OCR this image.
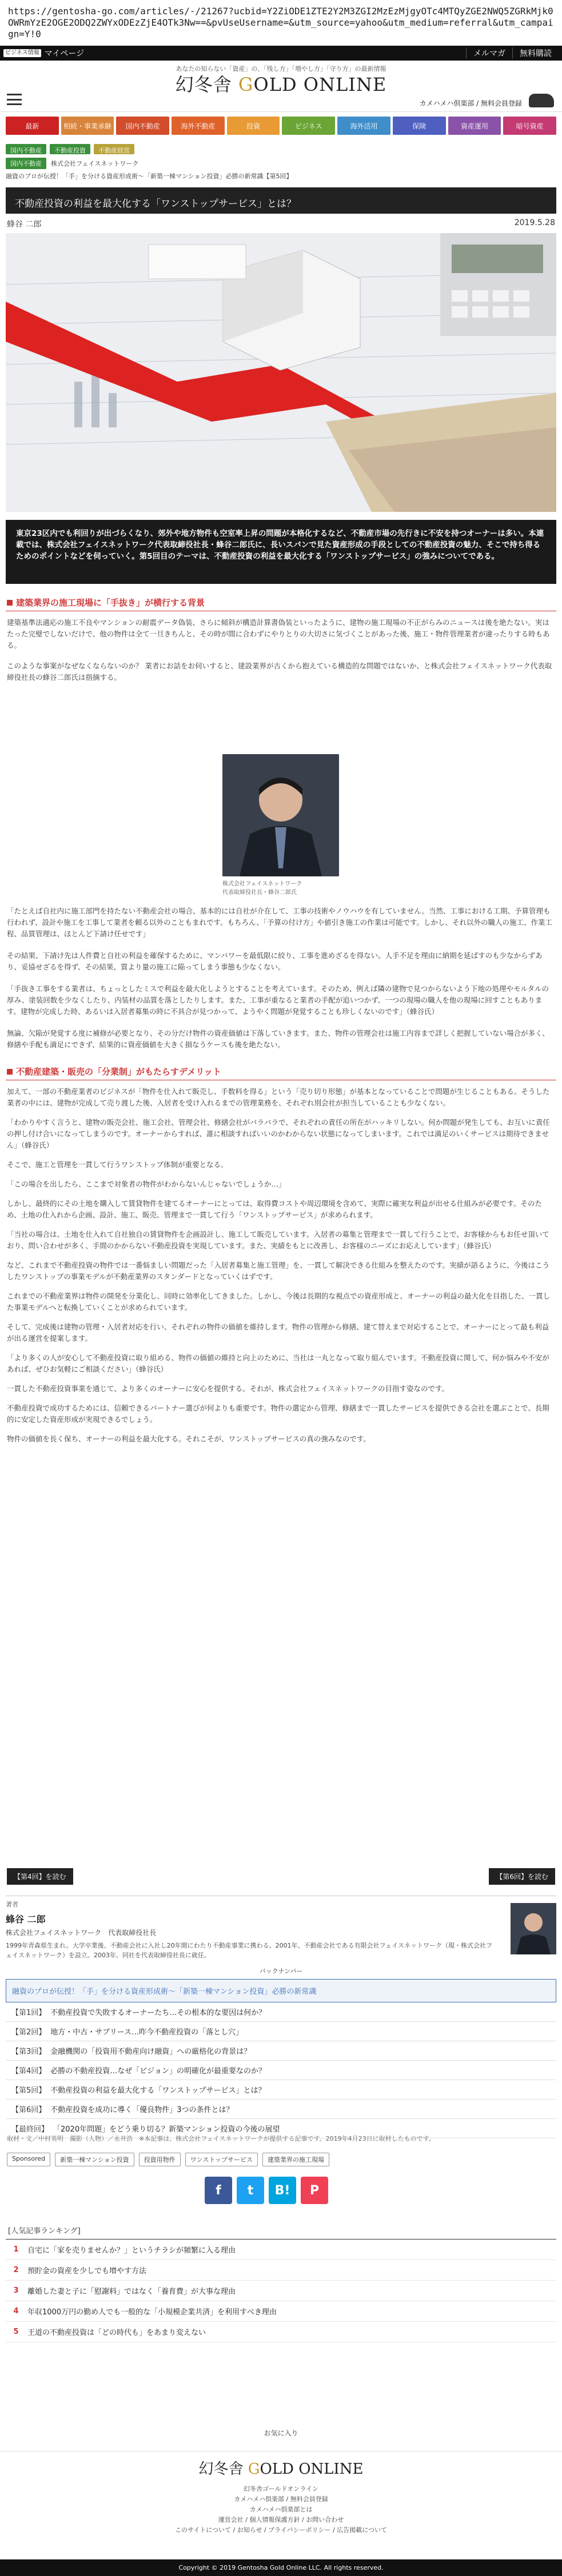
https://gentosha-go.com/articles/-/21267?ucbid=Y2ZiODE1ZTE2Y2M3ZGI2MzEzMjgyOTc4MTQyZGE2NWQ5ZGRkMjk0OWRmYzE2OGE2ODQ2ZWYxODEzZjE4OTk3Nw==&pvUseUsername=&utm_source=yahoo&utm_medium=referral&utm_campaign=Y!0
ビジネス情報 マイページ	メルマガ	無料購読
あなたの知らない「資産」の、「残し方」「増やし方」「守り方」の最新情報
幻冬舎 GOLD ONLINE
カメハメハ倶楽部 / 無料会員登録
最新	相続・事業承継	国内不動産	海外不動産	投資	ビジネス	海外活用	保険	資産運用	暗号資産
国内不動産	不動産投資	不動産経営
国内不動産	株式会社フェイスネットワーク
融資のプロが伝授！「手」を分ける資産形成術〜「新築一棟マンション投資」必勝の新常識【第5回】
不動産投資の利益を最大化する「ワンストップサービス」とは？
蜂谷 二郎	2019.5.28
東京23区内でも利回りが出づらくなり、郊外や地方物件も空室率上昇の問題が本格化するなど、不動産市場の先行きに不安を持つオーナーは多い。本連載では、株式会社フェイスネットワーク代表取締役社長・蜂谷二郎氏に、長いスパンで見た資産形成の手段としての不動産投資の魅力、そこで持ち得るためのポイントなどを伺っていく。第5回目のテーマは、不動産投資の利益を最大化する「ワンストップサービス」の強みについてである。
建築業界の施工現場に「手抜き」が横行する背景
建築基準法適応の施工不良やマンションの耐震データ偽装、さらに傾斜が構造計算書偽装といったように、建物の施工現場の不正がらみのニュースは後を絶たない。実はたった完璧でしないだけで、他の物件は全て一旦きちんと、その時が間に合わずにやりとりの大切さに気づくことがあった後、施工・物件管理業者が違ったりする時もある。
このような事案がなぜなくならないのか？ 業者にお話をお伺いすると、建設業界が古くから抱えている構造的な問題ではないか、と株式会社フェイスネットワーク代表取締役社長の蜂谷二郎氏は指摘する。
株式会社フェイスネットワーク
代表取締役社長・蜂谷二郎氏
「たとえば自社内に施工部門を持たない不動産会社の場合、基本的には自社が介在して、工事の技術やノウハウを有していません。当然、工事における工期、予算管理も行われず、設計や施工を工事して業者を頼る以外のこともまれです。もちろん、「予算の付け方」や値引き施工の作業は可能です。しかし、それ以外の職人の施工、作業工程、品質管理は、ほとんど下請け任せです」
その結果、下請け先は人件費と自社の利益を確保するために、マンパワーを最低限に絞り、工事を進めざるを得ない。人手不足を理由に納期を延ばすのも少なからずあり、妥協せざるを得ず、その結果、質より量の施工に陥ってしまう事態も少なくない。
「手抜き工事をする業者は、ちょっとしたミスで利益を最大化しようとすることを考えています。そのため、例えば隣の建物で見つからないよう下地の処理やモルタルの厚み、塗装回数を少なくしたり、内装材の品質を落としたりします。また、工事が重なると業者の手配が追いつかず、一つの現場の職人を他の現場に回すこともあります。建物が完成した時、あるいは入居者募集の時に不具合が見つかって、ようやく問題が発覚することも珍しくないのです」（蜂谷氏）
無論、欠陥が発覚する度に補修が必要となり、その分だけ物件の資産価値は下落していきます。また、物件の管理会社は施工内容まで詳しく把握していない場合が多く、修繕や手配も満足にできず、結果的に資産価値を大きく損なうケースも後を絶たない。
不動産建築・販売の「分業制」がもたらすデメリット
加えて、一部の不動産業者のビジネスが「物件を仕入れて販売し、手数料を得る」という「売り切り形態」が基本となっていることで問題が生じることもある。そうした業者の中には、建物が完成して売り渡した後、入居者を受け入れるまでの管理業務を、それぞれ別会社が担当していることも少なくない。
「わかりやすく言うと、建物の販売会社、施工会社、管理会社、修繕会社がバラバラで、それぞれの責任の所在がハッキリしない。何か問題が発生しても、お互いに責任の押し付け合いになってしまうのです。オーナーからすれば、誰に相談すればいいのかわからない状態になってしまいます。これでは満足のいくサービスは期待できません」（蜂谷氏）
そこで、施工と管理を一貫して行うワンストップ体制が重要となる。
「この場合を出したら、ここまで対象者の物件がわからないんじゃないでしょうか…」
しかし、最終的にその土地を購入して賃貸物件を建てるオーナーにとっては、取得費コストや周辺環境を含めて、実際に確実な利益が出せる仕組みが必要です。そのため、土地の仕入れから企画、設計、施工、販売、管理まで一貫して行う「ワンストップサービス」が求められます。
「当社の場合は、土地を仕入れて自社独自の賃貸物件を企画設計し、施工して販売しています。入居者の募集と管理まで一貫して行うことで、お客様からもお任せ頂いており、問い合わせが多く、手間のかからない不動産投資を実現しています。また、実績をもとに改善し、お客様のニーズにお応えしています」（蜂谷氏）
など、これまで不動産投資の物件では一番悩ましい問題だった「入居者募集と施工管理」を、一貫して解決できる仕組みを整えたのです。実績が語るように、今後はこうしたワンストップの事業モデルが不動産業界のスタンダードとなっていくはずです。
これまでの不動産業界は物件の開発を分業化し、同時に効率化してきました。しかし、今後は長期的な視点での資産形成と、オーナーの利益の最大化を目指した、一貫した事業モデルへと転換していくことが求められています。
そして、完成後は建物の管理・入居者対応を行い、それぞれの物件の価値を維持します。物件の管理から修繕、建て替えまで対応することで、オーナーにとって最も利益が出る運営を提案します。
「より多くの人が安心して不動産投資に取り組める、物件の価値の維持と向上のために、当社は一丸となって取り組んでいます。不動産投資に関して、何か悩みや不安があれば、ぜひお気軽にご相談ください」（蜂谷氏）
一貫した不動産投資事業を通じて、より多くのオーナーに安心を提供する。それが、株式会社フェイスネットワークの目指す姿なのです。
不動産投資で成功するためには、信頼できるパートナー選びが何よりも重要です。物件の選定から管理、修繕まで一貫したサービスを提供できる会社を選ぶことで、長期的に安定した資産形成が実現できるでしょう。
物件の価値を長く保ち、オーナーの利益を最大化する。それこそが、ワンストップサービスの真の強みなのです。
【第4回】を読む	【第6回】を読む
著者
蜂谷 二郎
株式会社フェイスネットワーク　代表取締役社長
1999年青森県生まれ。大学卒業後、不動産会社に入社し20年間にわたり不動産事業に携わる。2001年、不動産会社である有限会社フェイスネットワーク（現・株式会社フェイスネットワーク）を設立。2003年、同社を代表取締役社長に就任。
バックナンバー
融資のプロが伝授！「手」を分ける資産形成術〜「新築一棟マンション投資」必勝の新常識
【第1回】 不動産投資で失敗するオーナーたち…その根本的な要因は何か？
【第2回】 地方・中古・サブリース…昨今不動産投資の「落とし穴」
【第3回】 金融機関の「投資用不動産向け融資」への厳格化の背景は？
【第4回】 必勝の不動産投資…なぜ「ビジョン」の明確化が最重要なのか？
【第5回】 不動産投資の利益を最大化する「ワンストップサービス」とは？
【第6回】 不動産投資を成功に導く「優良物件」3つの条件とは？
【最終回】 「2020年問題」をどう乗り切る？新築マンション投資の今後の展望
取材・文／中村英明　撮影（人物）／永井浩　※本記事は、株式会社フェイスネットワークが提供する記事です。2019年4月23日に取材したものです。
Sponsored	新築一棟マンション投資	投資用物件	ワンストップサービス	建築業界の施工現場
f	t	B!	P
[人気記事ランキング]
1 自宅に「家を売りませんか？」というチラシが頻繁に入る理由
2 預貯金の資産を少しでも増やす方法
3 離婚した妻と子に「慰謝料」ではなく「養育費」が大事な理由
4 年収1000万円の勤め人でも一般的な「小規模企業共済」を利用すべき理由
5 王道の不動産投資は「どの時代も」をあまり変えない
お気に入り
幻冬舎 GOLD ONLINE
幻冬舎ゴールドオンライン
カメハメハ倶楽部 / 無料会員登録
カメハメハ倶楽部とは
運営会社 / 個人情報保護方針 / お問い合わせ
このサイトについて / お知らせ / プライバシーポリシー / 広告掲載について
Copyright © 2019 Gentosha Gold Online LLC. All rights reserved.
